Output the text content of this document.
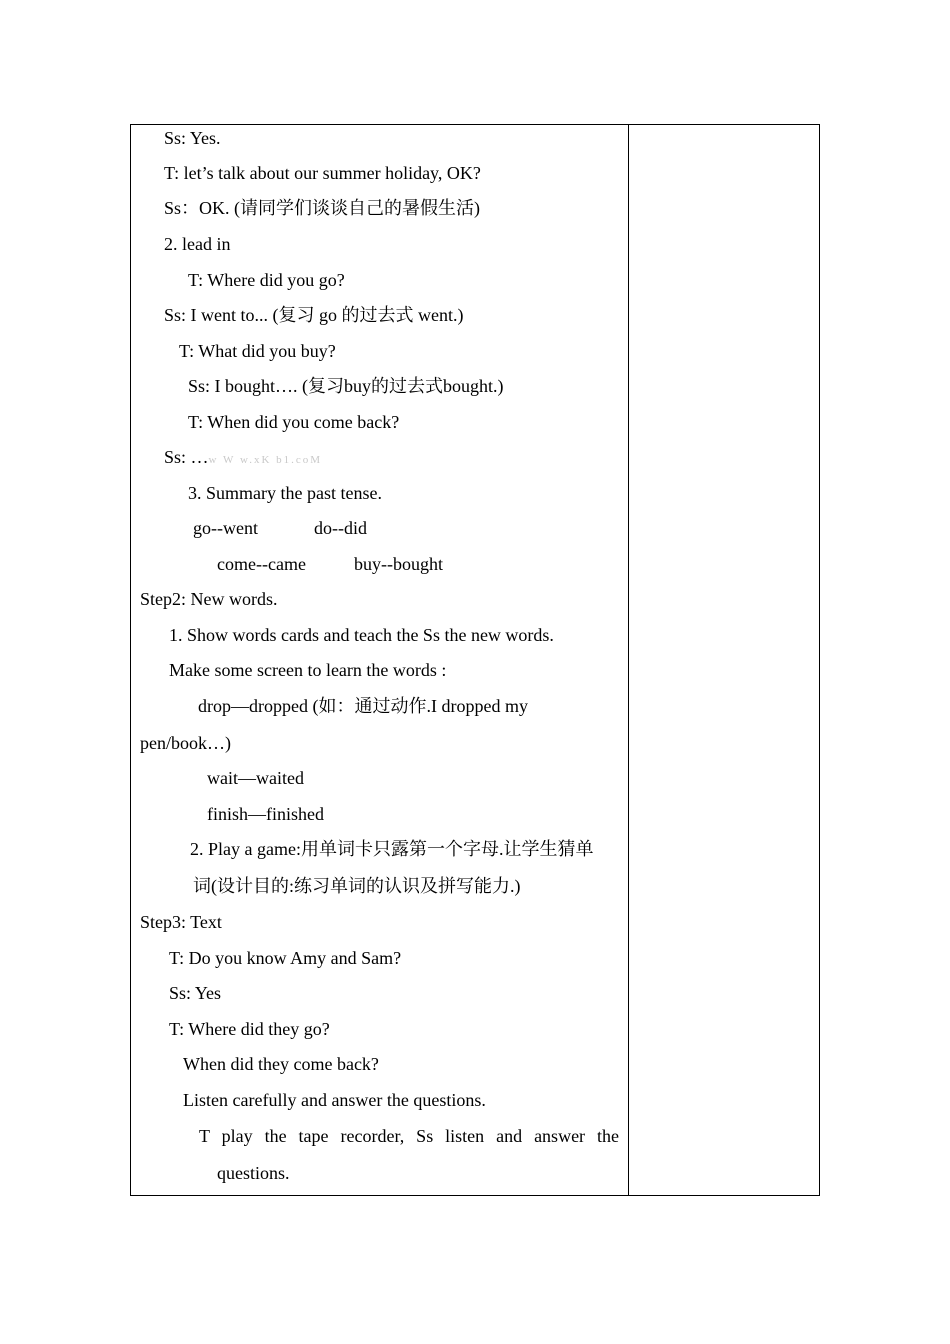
Ss: Yes.
T: let’s talk about our summer holiday, OK?
Ss：OK. (请同学们谈谈自己的暑假生活)
2. lead in
T: Where did you go?
Ss: I went to... (复习 go 的过去式 went.)
T: What did you buy?
Ss: I bought…. (复习buy的过去式bought.)
T: When did you come back?
Ss: …w W w.xK b1.coM
3. Summary the past tense.
go--went	do--did
come--came	buy--bought
Step2: New words.
1. Show words cards and teach the Ss the new words.
Make some screen to learn the words :
drop—dropped (如：通过动作.I dropped my
pen/book…)
wait—waited
finish—finished
2. Play a game:用单词卡只露第一个字母.让学生猜单
词(设计目的:练习单词的认识及拼写能力.)
Step3: Text
T: Do you know Amy and Sam?
Ss: Yes
T: Where did they go?
When did they come back?
Listen carefully and answer the questions.
T play the tape recorder, Ss listen and answer the
questions.
